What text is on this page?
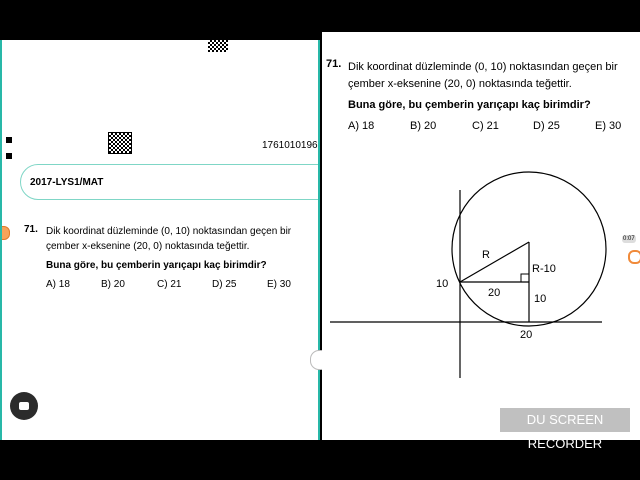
1761010196
2017-LYS1/MAT
71. Dik koordinat düzleminde (0, 10) noktasından geçen bir
çember x-eksenine (20, 0) noktasında teğettir.
Buna göre, bu çemberin yarıçapı kaç birimdir?
A) 18	B) 20	C) 21	D) 25	E) 30
71. Dik koordinat düzleminde (0, 10) noktasından geçen bir
çember x-eksenine (20, 0) noktasında teğettir.
Buna göre, bu çemberin yarıçapı kaç birimdir?
A) 18	B) 20	C) 21	D) 25	E) 30
R
R-10
10
20	10
20
0:07
DU SCREEN RECORDER
